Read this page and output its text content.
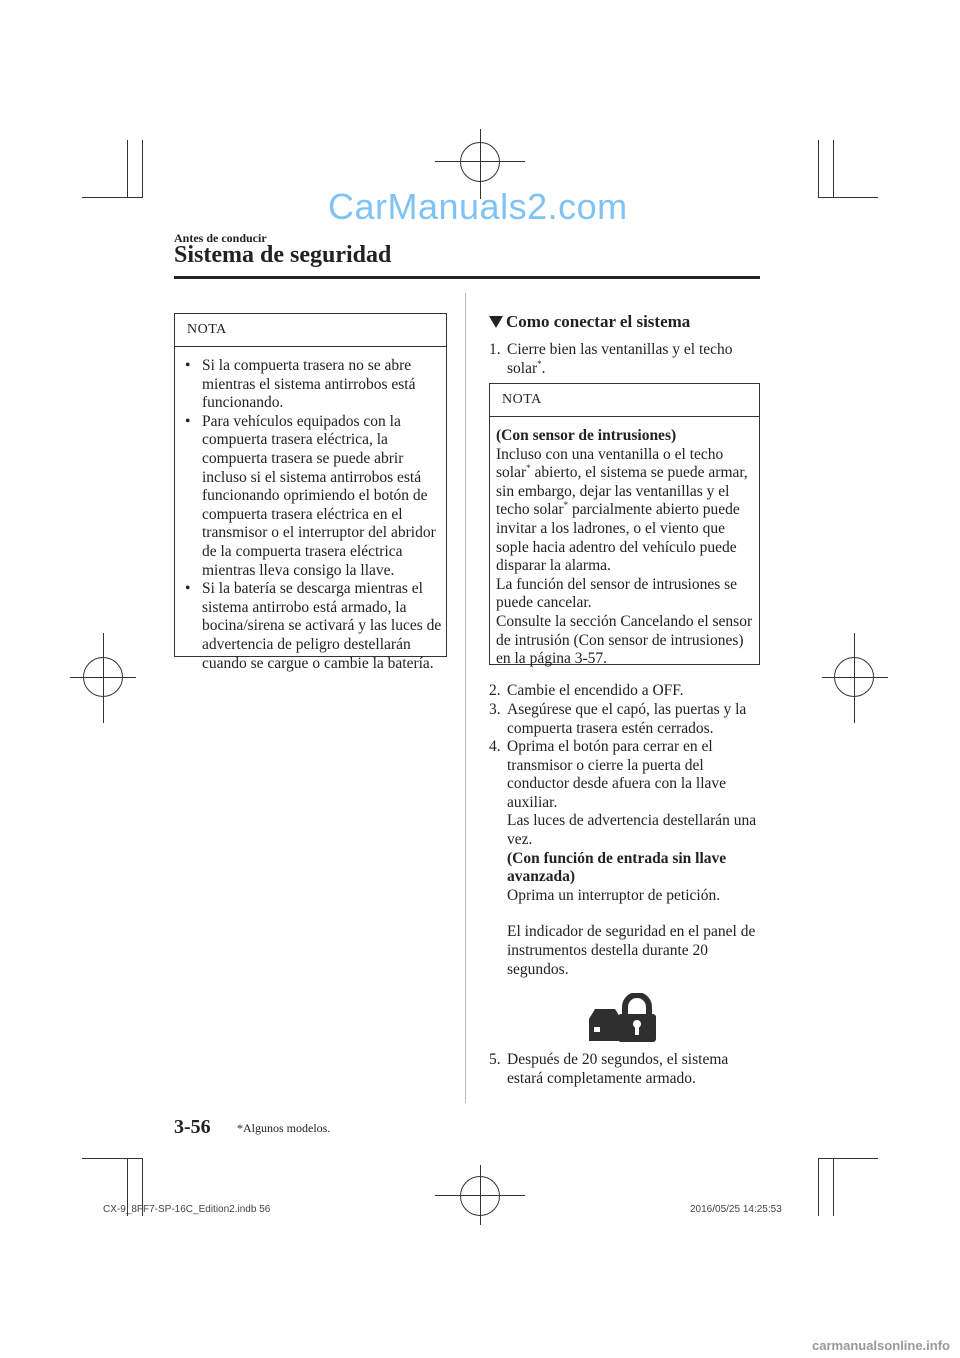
CarManuals2.com
Antes de conducir
Sistema de seguridad
NOTA
• Si la compuerta trasera no se abre mientras el sistema antirrobos está funcionando.
• Para vehículos equipados con la compuerta trasera eléctrica, la compuerta trasera se puede abrir incluso si el sistema antirrobos está funcionando oprimiendo el botón de compuerta trasera eléctrica en el transmisor o el interruptor del abridor de la compuerta trasera eléctrica mientras lleva consigo la llave.
• Si la batería se descarga mientras el sistema antirrobo está armado, la bocina/sirena se activará y las luces de advertencia de peligro destellarán cuando se cargue o cambie la batería.
Como conectar el sistema
1. Cierre bien las ventanillas y el techo solar*.
NOTA
(Con sensor de intrusiones)
Incluso con una ventanilla o el techo solar* abierto, el sistema se puede armar, sin embargo, dejar las ventanillas y el techo solar* parcialmente abierto puede invitar a los ladrones, o el viento que sople hacia adentro del vehículo puede disparar la alarma.
La función del sensor de intrusiones se puede cancelar.
Consulte la sección Cancelando el sensor de intrusión (Con sensor de intrusiones) en la página 3-57.
2. Cambie el encendido a OFF.
3. Asegúrese que el capó, las puertas y la compuerta trasera estén cerrados.
4. Oprima el botón para cerrar en el transmisor o cierre la puerta del conductor desde afuera con la llave auxiliar.
Las luces de advertencia destellarán una vez.
(Con función de entrada sin llave avanzada)
Oprima un interruptor de petición.
El indicador de seguridad en el panel de instrumentos destella durante 20 segundos.
5. Después de 20 segundos, el sistema estará completamente armado.
3-56 *Algunos modelos.
CX-9_8FF7-SP-16C_Edition2.indb 56	2016/05/25 14:25:53
carmanualsonline.info
